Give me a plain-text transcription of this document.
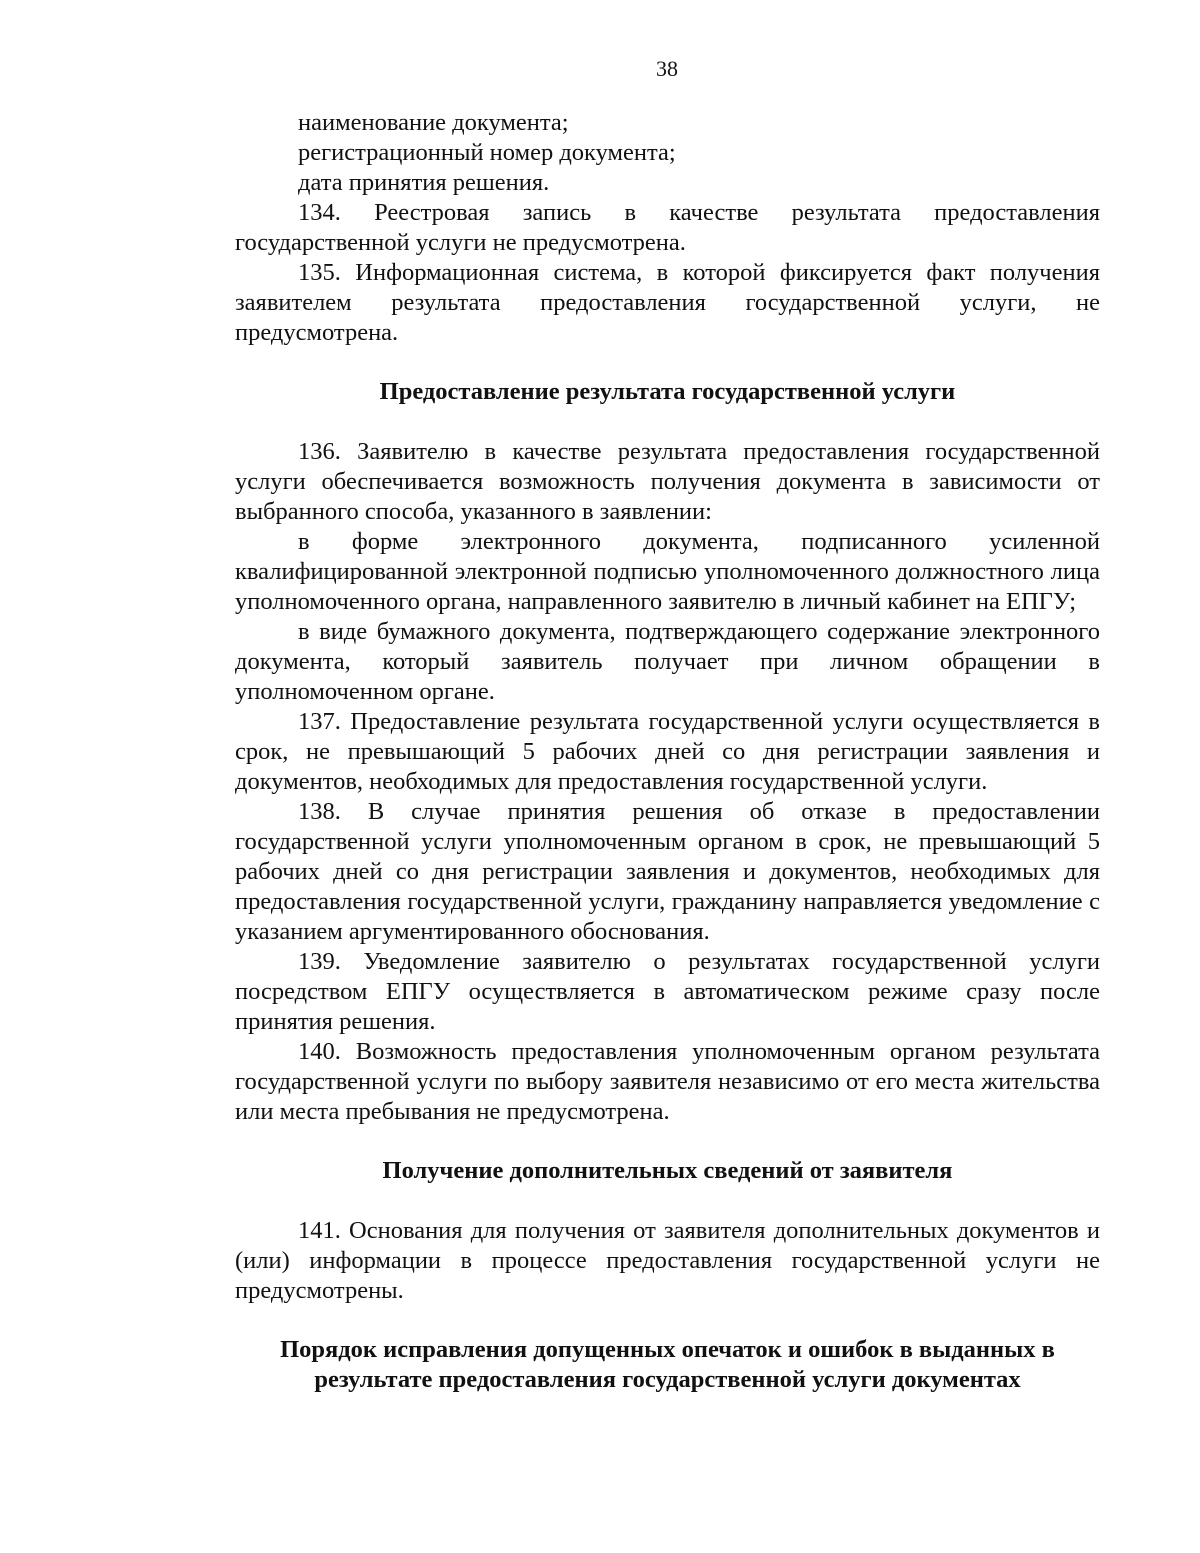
38

наименование документа;

регистрационный номер документа;

дата принятия решения.

134. Реестровая запись в качестве результата предоставления государственной услуги не предусмотрена.

135. Информационная система, в которой фиксируется факт получения заявителем результата предоставления государственной услуги, не предусмотрена.

Предоставление результата государственной услуги

136. Заявителю в качестве результата предоставления государственной услуги обеспечивается возможность получения документа в зависимости от выбранного способа, указанного в заявлении:

в форме электронного документа, подписанного усиленной квалифицированной электронной подписью уполномоченного должностного лица уполномоченного органа, направленного заявителю в личный кабинет на ЕПГУ;

в виде бумажного документа, подтверждающего содержание электронного документа, который заявитель получает при личном обращении в уполномоченном органе.

137. Предоставление результата государственной услуги осуществляется в срок, не превышающий 5 рабочих дней со дня регистрации заявления и документов, необходимых для предоставления государственной услуги.

138. В случае принятия решения об отказе в предоставлении государственной услуги уполномоченным органом в срок, не превышающий 5 рабочих дней со дня регистрации заявления и документов, необходимых для предоставления государственной услуги, гражданину направляется уведомление с указанием аргументированного обоснования.

139. Уведомление заявителю о результатах государственной услуги посредством ЕПГУ осуществляется в автоматическом режиме сразу после принятия решения.

140. Возможность предоставления уполномоченным органом результата государственной услуги по выбору заявителя независимо от его места жительства или места пребывания не предусмотрена.

Получение дополнительных сведений от заявителя

141. Основания для получения от заявителя дополнительных документов и (или) информации в процессе предоставления государственной услуги не предусмотрены.

Порядок исправления допущенных опечаток и ошибок в выданных в
результате предоставления государственной услуги документах
